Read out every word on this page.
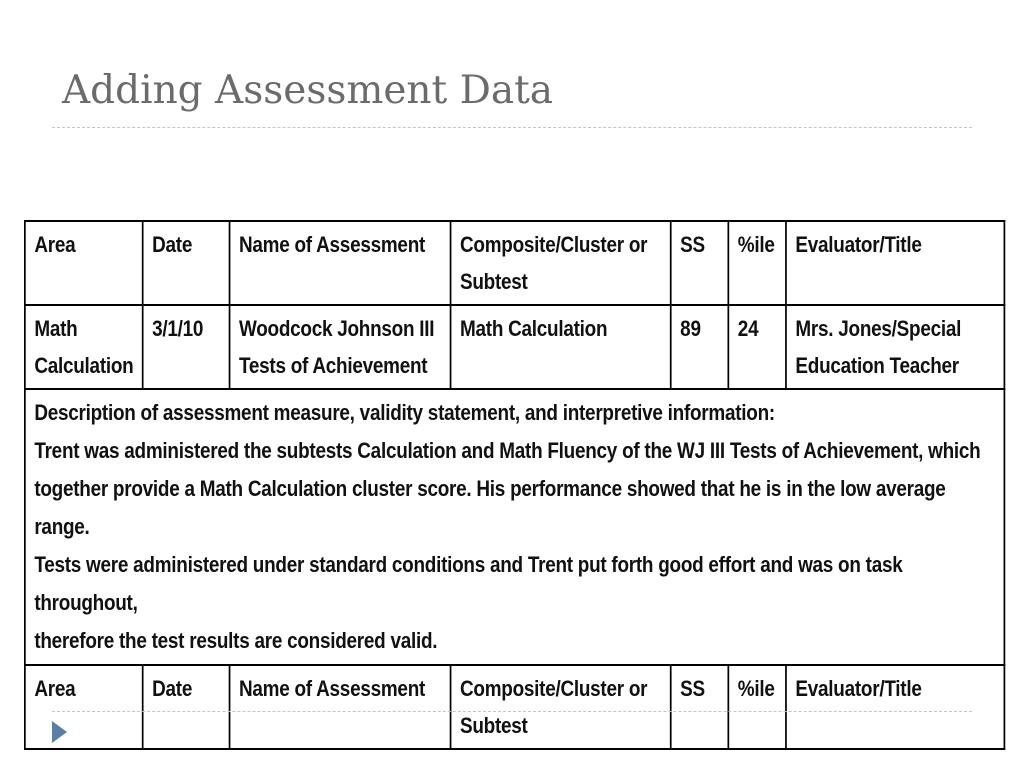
Adding Assessment Data
Area	Date	Name of Assessment	Composite/Cluster or Subtest	SS	%ile	Evaluator/Title
Math Calculation	3/1/10	Woodcock Johnson III Tests of Achievement	Math Calculation	89	24	Mrs. Jones/Special Education Teacher

Description of assessment measure, validity statement, and interpretive information:
Trent was administered the subtests Calculation and Math Fluency of the WJ III Tests of Achievement, which
together provide a Math Calculation cluster score. His performance showed that he is in the low average range.
Tests were administered under standard conditions and Trent put forth good effort and was on task throughout,
therefore the test results are considered valid.						

Area	Date	Name of Assessment	Composite/Cluster or Subtest	SS	%ile	Evaluator/Title
